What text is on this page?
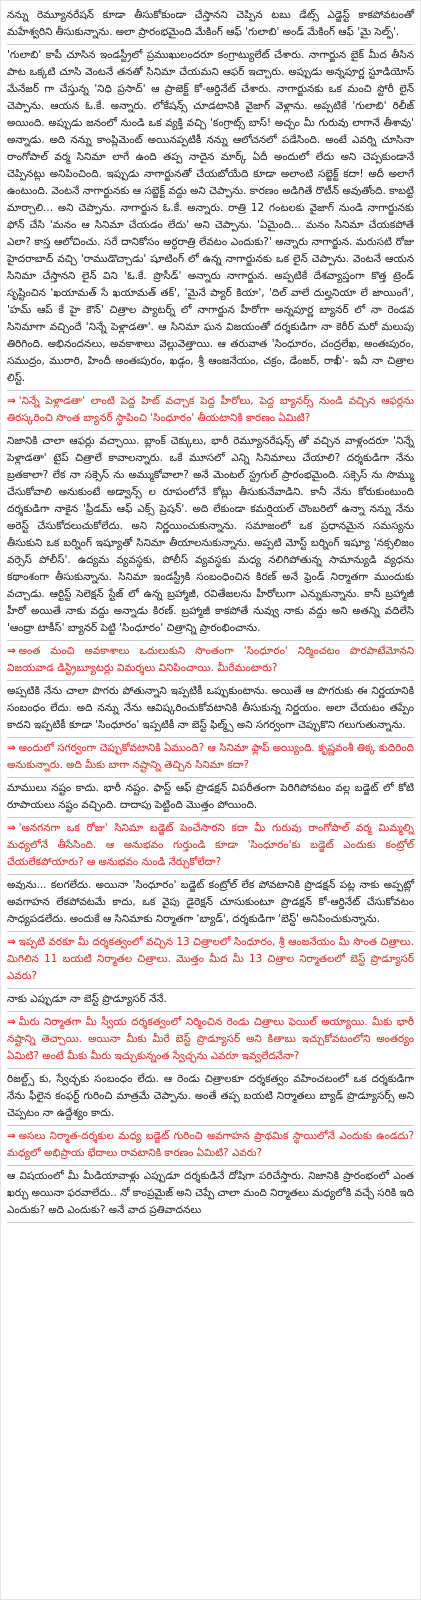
నన్ను రెమ్యూనరేషన్ కూడా తీసుకోకుండా చేస్తానని చెప్పిన టబు డేట్స్ ఎడ్జెస్ట్ కాకపోవటంతో మహేశ్వరిని తీసుకున్నాను. అలా ప్రారంభమైంది మేకింగ్ ఆఫ్ 'గులాబి' అండ్ మేకింగ్ ఆఫ్ 'మై సెల్ఫ్'.

'గులాబి' కాపీ చూసిన ఇండస్ట్రీలో ప్రముఖులందరూ కంగ్రాట్యులేట్ చేశారు. నాగార్జున బైక్ మీద తీసిన పాట ఒక్కటి చూసి వెంటనే తనతో సినిమా చేయమని ఆఫర్ ఇచ్చారు. అప్పుడు అన్నపూర్ణ స్టూడియోస్ మేనేజర్ గా చేస్తున్న 'నిధి ప్రసాద్' ఆ ప్రాజెక్ట్ కో-ఆర్డినేట్ చేశారు. నాగార్జునకు ఒక మంచి స్టోరీ లైన్ చెప్పాను. ఆయన ఓ.కే. అన్నారు. లోకేషన్స్ చూడటానికి వైజాగ్ వెళ్లాను. అప్పటికే 'గులాబి' రిలీజ్ అయింది. అప్పుడు జనంలో నుండి ఒక వ్యక్తి వచ్చి 'కంగ్రాట్స్ బాస్! అచ్చం మీ గురువు లాగానే తీశావు' అన్నాడు. అది నన్ను కాంప్లిమెంట్ అయినప్పటికీ నన్ను ఆలోచనలో పడేసింది. అంటే ఎవర్ని చూసినా రాంగోపాల్ వర్మ సినిమా లాగే ఉంది తప్ప నాదైన మార్క్ ఏదీ అందులో లేదు అని చెప్పకుండానే చెప్పినట్లు అనిపించింది. ఇప్పుడు నాగార్జునతో చేయబోయేది కూడా అలాంటి సబ్జెక్ట్ కదా! అదీ అలాగే ఉంటుంది. వెంటనే నాగార్జునకు ఆ సబ్జెక్ట్ వద్దు అని చెప్పాను. కారణం అడిగితే రొటీన్ అవుతోంది. కాబట్టి మార్చాలి... అని చెప్పాను. నాగార్జున ఓ.కే. అన్నారు. రాత్రి 12 గంటలకు వైజాగ్ నుండి నాగార్జునకు ఫోన్ చేసి 'మనం ఆ సినిమా చేయడం లేదు' అని చెప్పాను. 'ఏమైంది... మనం సినిమా చేయకపోతే ఎలా? కాస్త ఆలోచించు. సరే దానికోసం అర్ధరాత్రి లేవటం ఎందుకు?' అన్నారు నాగార్జున. మరుసటి రోజు హైదరాబాద్ వచ్చి 'రాముడొచ్చాడు' షూటింగ్ లో ఉన్న నాగార్జునకు ఒక లైన్ చెప్పాను. వెంటనే ఆయన సినిమా చేస్తానని లైన్ విని 'ఓ.కే. ప్రొసీడ్' అన్నారు నాగార్జున. అప్పటికే దేశవ్యాప్తంగా కొత్త ట్రెండ్ సృష్టించిన 'ఖయామత్ సే ఖయామత్ తక్', 'మైనే ప్యార్ కియా', 'దిల్ వాలే దుల్హనియా లే జాయింగే', 'హమ్ ఆప్ కే హై కౌన్' చిత్రాల ప్యాటర్న్ లో నాగార్జున హీరోగా అన్నపూర్ణ బ్యానర్ లో నా రెండవ సినిమాగా వచ్చిందే 'నిన్నే పెళ్లాడతా'. ఆ సినిమా ఘన విజయంతో దర్శకుడిగా నా కెరీర్ మరో మలుపు తిరిగింది. అభినందనలు, అవకాశాలు వెల్లువెత్తాయి. ఆ తరువాత 'సింధూరం, చంద్రలేఖ, అంతఃపురం, సముద్రం, మురారి, హిందీ అంతఃపురం, ఖడ్గం, శ్రీ ఆంజనేయం, చక్రం, డేంజర్, రాఖీ'- ఇవీ నా చిత్రాల లిస్ట్.

⇒ 'నిన్నే పెళ్లాడతా' లాంటి పెద్ద హిట్ వచ్చాక పెద్ద హీరోలు, పెద్ద బ్యానర్స్ నుండి వచ్చిన ఆఫర్లను తిరస్కరించి సొంత బ్యానర్ స్థాపించి 'సింధూరం' తీయటానికి కారణం ఏమిటి?

నిజానికి చాలా ఆఫర్లు వచ్చాయి. బ్లాంక్ చెక్కులు, భారీ రెమ్యూనరేషన్స్ తో వచ్చిన వాళ్లందరూ 'నిన్నే పెళ్లాడతా' టైప్ చిత్రాలే కావాలన్నారు. ఒకే మూసలో ఎన్ని సినిమాలు చేయాలి? దర్శకుడిగా నేను బ్రతకాలా? లేక నా సక్సెస్ ను అమ్ముకోవాలా? అనే మెంటల్ స్ట్రగుల్ ప్రారంభమైంది. సక్సెస్ ను సొమ్ము చేసుకోవాలి అనుకుంటే అడ్వాన్స్ ల రూపంలోనే కోట్లు తీసుకునేవాడిని. కానీ నేను కోరుకుంటుంది దర్శకుడిగా నాకైన 'ఫ్రీడమ్ ఆఫ్ ఎక్స్ ప్రెషన్'. అది లేకుండా కమర్షియల్ చొంబరిలో ఉన్నా నన్ను నేను అరెస్ట్ చేసుకోదలుచుకోలేదు. అని నిర్ణయించుకున్నాను. సమాజంలో ఒక ప్రధానమైన సమస్యను తీసుకుని ఒక బర్నింగ్ ఇష్యూతో సినిమా తీయాలనుకున్నాను. అప్పటి మోస్ట్ బర్నింగ్ ఇష్యూ 'నక్సలిజం వర్సెస్ పోలీస్'. ఉద్యమ వ్యవస్థకు, పోలీస్ వ్యవస్థకు మధ్య నలిగిపోతున్న సామాన్యుడి వ్యధను కథాంశంగా తీసుకున్నాను. సినిమా ఇండస్ట్రీకి సంబంధించిన కిరణ్ అనే ఫ్రెండ్ నిర్మాతగా ముందుకు వచ్చాడు. ఆర్టిస్ట్ సెలెక్షన్ స్టేజ్ లో ఉన్న బ్రహ్మాజీ, రవితేజలను హీరోలుగా ఎన్నుకున్నాను. కానీ బ్రహ్మాజీ హీరో అయితే నాకు వద్దు అన్నాడు కిరణ్. బ్రహ్మాజీ కాకపోతే నువ్వు నాకు వద్దు అని అతన్ని వదిలేసి 'ఆంధ్రా టాకీస్' బ్యానర్ పెట్టి 'సింధూరం' చిత్రాన్ని ప్రారంభించాను.

⇒ అంత మంచి అవకాశాలు ఒదులుకుని సొంతంగా 'సింధూరం' నిర్మించటం పొరపాటేమోనని విజయవాడ డిస్ట్రిబ్యూటర్లు విమర్శలు వినిపించాయి. మీరేమంటారు?

అప్పటికి నేను చాలా పొగరు పోతున్నాని ఇప్పటికీ ఒప్పుకుంటాను. అయితే ఆ పొగరుకు ఈ నిర్ణయానికి సంబంధం లేదు. అది నన్ను నేను ఆవిష్కరించుకోవటానికి తీసుకున్న నిర్ణయం. అలా చేయటం తప్పేం కాదని ఇప్పటికీ కూడా 'సింధూరం' ఇప్పటికీ నా బెస్ట్ ఫిల్మ్స్ అని సగర్వంగా చెప్పుకొని గలుగుతున్నాను.

⇒ అందులో సగర్వంగా చెప్పుకోవటానికి ఏముంది? ఆ సినిమా ఫ్లాప్ అయ్యింది. కృష్ణవంశీ తిక్క కుదిరింది అనుకున్నారు. అది మీకు బాగా నష్టాన్ని తెచ్చిన సినిమా కదా?

మాములు నష్టం కాదు. భారీ నష్టం. ఫాస్ట్ ఆఫ్ ప్రొడక్షన్ విపరీతంగా పెరిగిపోవటం వల్ల బడ్జెట్ లో కోటి రూపాయలు నష్టం వచ్చింది. దాదాపు పెట్టింది మొత్తం పోయింది.

⇒ 'అనగనగా ఒక రోజు' సినిమా బడ్జెట్ పెంచేసారని కదా మీ గురువు రాంగోపాల్ వర్మ మిమ్మల్ని మధ్యలోనే తీసేసింది. ఆ అనుభవం గుర్తుండి కూడా 'సింధూరం'కు బడ్జెట్ ఎందుకు కంట్రోల్ చేయలేకపోయారు? ఆ అనుభవం నుండి నేర్చుకోలేదా?

అవును... కలగలేదు. అయినా 'సింధూరం' బడ్జెట్ కంట్రోల్ లేక పోవటానికి ప్రొడక్షన్ పట్ల నాకు అప్పట్లో అవగాహన లేకపోవటమే కాదు, ఒక వైపు డైరెక్షన్ చూసుకుంటూ ప్రొడక్షన్ కో-ఆర్డినేట్ చేసుకోవటం సాధ్యపడలేదు. అందుకే ఆ సినిమాకు నిర్మాతగా 'బ్యాడ్', దర్శకుడిగా 'బెస్ట్' అనిపించుకున్నాను.

⇒ ఇప్పటి వరకూ మీ దర్శకత్వంలో వచ్చిన 13 చిత్రాలలో సింధూరం, శ్రీ ఆంజనేయం మీ సొంత చిత్రాలు. మిగిలిన 11 బయటి నిర్మాతల చిత్రాలు. మొత్తం మీద మీ 13 చిత్రాల నిర్మాతలలో బెస్ట్ ప్రొడ్యూసర్ ఎవరు?

నాకు ఎప్పుడూ నా బెస్ట్ ప్రొడ్యూసర్ నేనే.

⇒ మీరు నిర్మాతగా మీ స్వీయ దర్శకత్వంలో నిర్మించిన రెండు చిత్రాలు ఫెయిల్ అయ్యాయి. మీకు భారీ నష్టాన్ని తెచ్చాయి. అయినా మీకు మీరే బెస్ట్ ప్రొడ్యూసర్ అని కితాబు ఇచ్చుకోవటంలోని అంతర్యం ఏమిటి? అంటే మీకు మీరు ఇచ్చుకున్నంత స్వేచ్ఛను ఎవరూ ఇవ్వలేదనేనా?

రిజల్ట్స్ కు, స్వేచ్ఛకు సంబంధం లేదు. ఆ రెండు చిత్రాలకూ దర్శకత్వం వహించటంలో ఒక దర్శకుడిగా నేను ఫీలైన కంఫర్ట్ గురించి మాత్రమే చెప్పాను. అంతే తప్ప బయటి నిర్మాతలు బ్యాడ్ ప్రొడ్యూసర్స్ అని చెప్పటం నా ఉద్దేశ్యం కాదు.

⇒ అసలు నిర్మాత-దర్శకుల మధ్య బడ్జెట్ గురించి అవగాహన ప్రాథమిక స్థాయిలోనే ఎందుకు ఉండదు? మధ్యలో అభిప్రాయ భేదాలు రావటానికి కారణం ఏమిటి? ఎవరు?

ఆ విషయంలో మీ మీడియావాళ్లు ఎప్పుడూ దర్శకుడినే దోషిగా పరిచేస్తారు. నిజానికి ప్రారంభంలో ఎంత ఖర్చు అయినా ఫరవాలేదు.. నో కాంప్రమైజ్ అని చెప్పే చాలా మంది నిర్మాతలు మధ్యలోకి వచ్చే సరికి ఇది ఎందుకు? అది ఎందుకు? అనే వాద ప్రతివాదనలు
